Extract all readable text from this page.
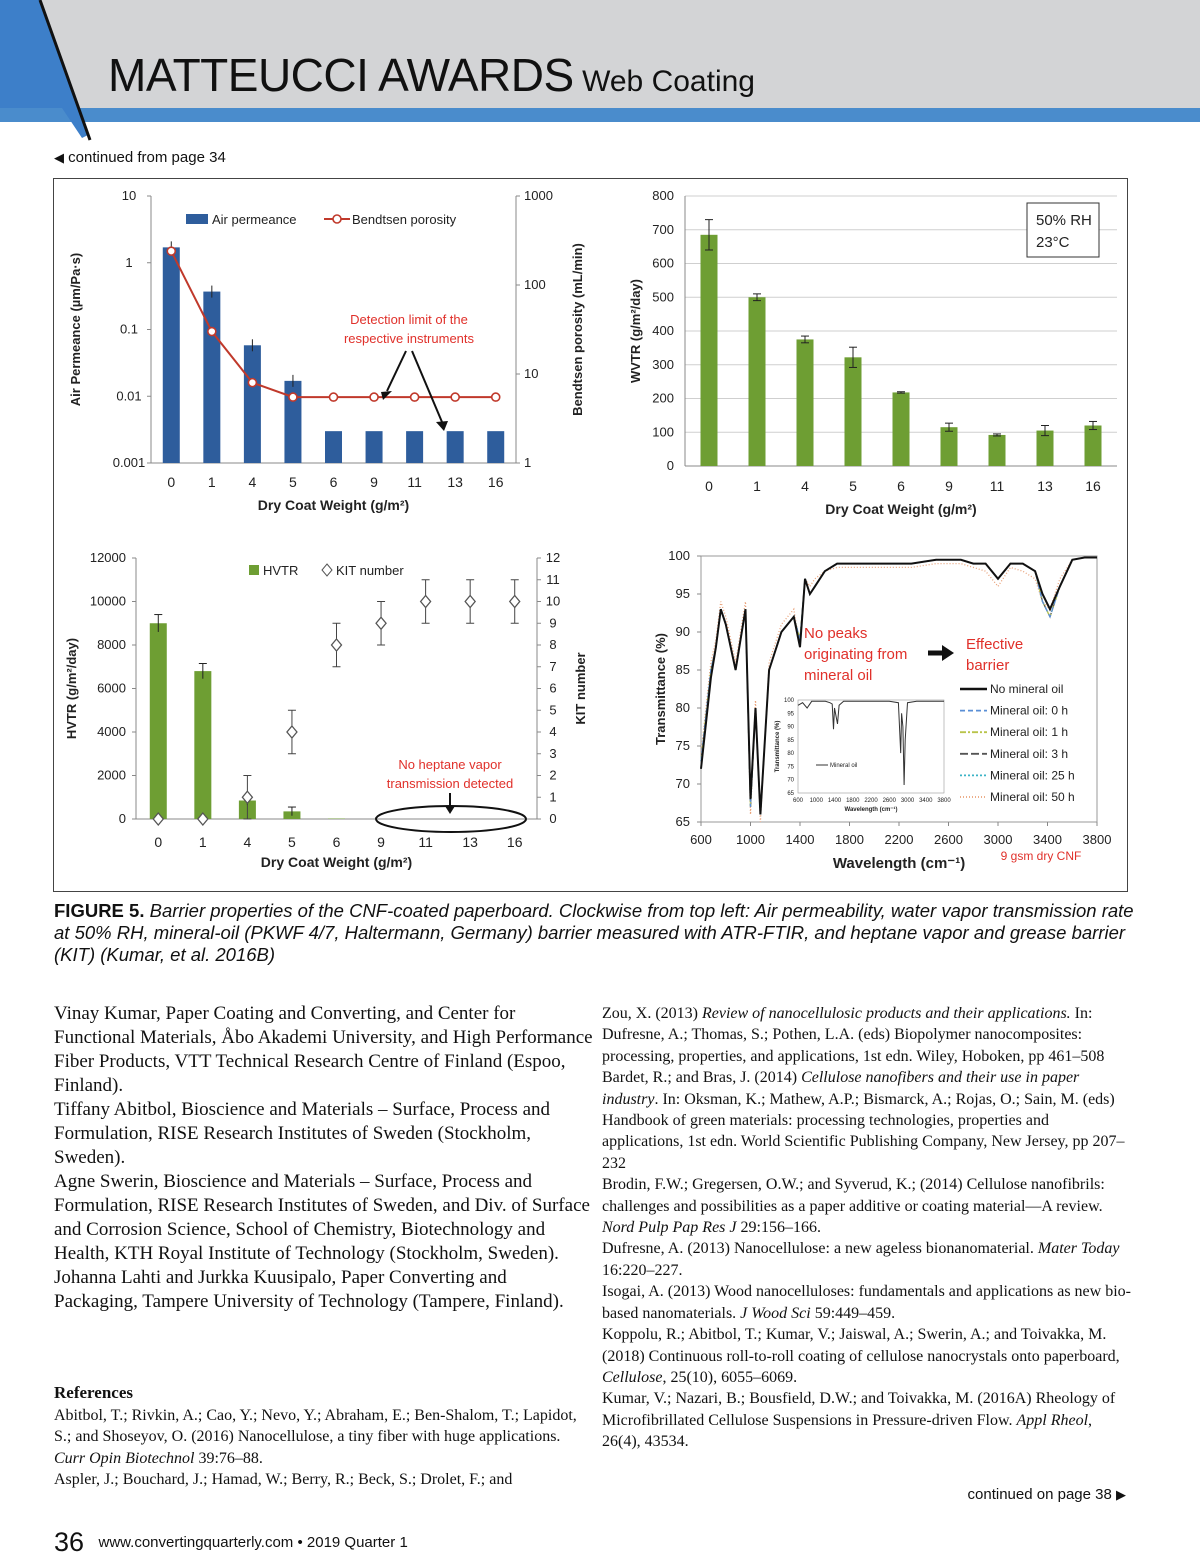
MATTEUCCI AWARDS Web Coating
◀ continued from page 34
10
1
0.1
0.01
0.001
1000
100
10
1
0 1 4 5 6 9 11 13 16
Dry Coat Weight (g/m²)
Air Permeance (µm/Pa·s)	Bendtsen porosity (mL/min)
Air permeance	Bendtsen porosity
Detection limit of the
respective instruments
0
100
200
300
400
500
600
700
800
0	1	4	5	6	9	11 13 16
Dry Coat Weight (g/m²)
WVTR (g/m²/day)
50% RH
23°C
0
2000
4000
6000
8000
10000
12000
0
1
2
3
4
5
6
7
8
9
10
11
12
0	1	4	5	6	9 11 13 16
Dry Coat Weight (g/m²)
HVTR (g/m²/day)	KIT number
HVTR	KIT number
No heptane vapor
transmission detected
65
70
75
80
85
90
95
100
600 1000 1400 1800 2200 2600 3000 3400 3800
Wavelength (cm⁻¹)
Transmittance (%)	No peaks
originating from
mineral oil
Effective
barrier
No mineral oil
Mineral oil: 0 h
Mineral oil: 1 h
Mineral oil: 3 h
Mineral oil: 25 h
Mineral oil: 50 h
9 gsm dry CNF
65
70
75
80
85
90
95
100
600 1000 1400 1800 2200 2600 3000 3400 3800
Mineral oil
Wavelength (cm⁻¹)
Transmittance (%)
FIGURE 5. Barrier properties of the CNF-coated paperboard. Clockwise from top left: Air permeability, water vapor transmission rate at 50% RH, mineral-oil (PKWF 4/7, Haltermann, Germany) barrier measured with ATR-FTIR, and heptane vapor and grease barrier (KIT) (Kumar, et al. 2016B)

Vinay Kumar, Paper Coating and Converting, and Center for Functional Materials, Åbo Akademi University, and High Performance Fiber Products, VTT Technical Research Centre of Finland (Espoo, Finland).

Tiffany Abitbol, Bioscience and Materials – Surface, Process and Formulation, RISE Research Institutes of Sweden (Stockholm, Sweden).

Agne Swerin, Bioscience and Materials – Surface, Process and Formulation, RISE Research Institutes of Sweden, and Div. of Surface and Corrosion Science, School of Chemistry, Biotechnology and Health, KTH Royal Institute of Technology (Stockholm, Sweden).

Johanna Lahti and Jurkka Kuusipalo, Paper Converting and Packaging, Tampere University of Technology (Tampere, Finland).

References

Abitbol, T.; Rivkin, A.; Cao, Y.; Nevo, Y.; Abraham, E.; Ben-Shalom, T.; Lapidot, S.; and Shoseyov, O. (2016) Nanocellulose, a tiny fiber with huge applications. Curr Opin Biotechnol 39:76–88.

Aspler, J.; Bouchard, J.; Hamad, W.; Berry, R.; Beck, S.; Drolet, F.; and

Zou, X. (2013) Review of nanocellulosic products and their applications. In: Dufresne, A.; Thomas, S.; Pothen, L.A. (eds) Biopolymer nanocomposites: processing, properties, and applications, 1st edn. Wiley, Hoboken, pp 461–508

Bardet, R.; and Bras, J. (2014) Cellulose nanofibers and their use in paper industry. In: Oksman, K.; Mathew, A.P.; Bismarck, A.; Rojas, O.; Sain, M. (eds) Handbook of green materials: processing technologies, properties and applications, 1st edn. World Scientific Publishing Company, New Jersey, pp 207–232

Brodin, F.W.; Gregersen, O.W.; and Syverud, K.; (2014) Cellulose nanofibrils: challenges and possibilities as a paper additive or coating material—A review. Nord Pulp Pap Res J 29:156–166.

Dufresne, A. (2013) Nanocellulose: a new ageless bionanomaterial. Mater Today 16:220–227.

Isogai, A. (2013) Wood nanocelluloses: fundamentals and applications as new bio-based nanomaterials. J Wood Sci 59:449–459.

Koppolu, R.; Abitbol, T.; Kumar, V.; Jaiswal, A.; Swerin, A.; and Toivakka, M. (2018) Continuous roll-to-roll coating of cellulose nanocrystals onto paperboard, Cellulose, 25(10), 6055–6069.

Kumar, V.; Nazari, B.; Bousfield, D.W.; and Toivakka, M. (2016A) Rheology of Microfibrillated Cellulose Suspensions in Pressure-driven Flow. Appl Rheol, 26(4), 43534.

continued on page 38 ▶
36 www.convertingquarterly.com • 2019 Quarter 1
